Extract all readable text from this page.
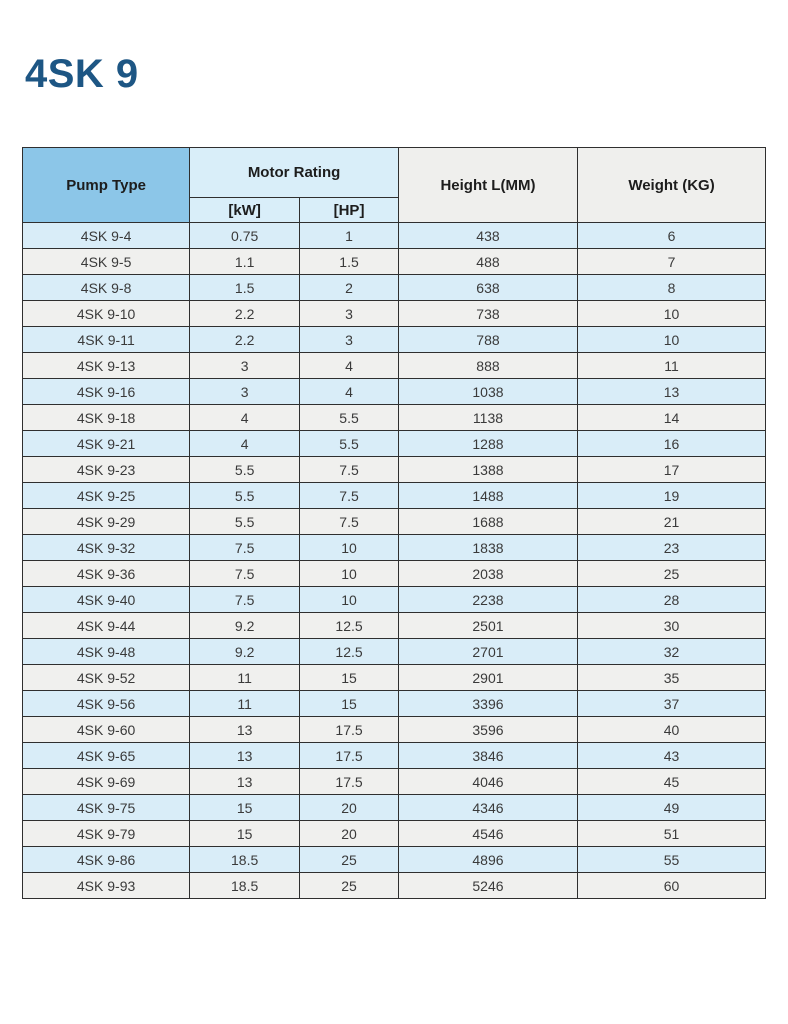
4SK 9
Pump Type	Motor Rating		Height L(MM)	Weight (KG)
	[kW]	[HP]		
4SK 9-4	0.75	1	438	6
4SK 9-5	1.1	1.5	488	7
4SK 9-8	1.5	2	638	8
4SK 9-10	2.2	3	738	10
4SK 9-11	2.2	3	788	10
4SK 9-13	3	4	888	11
4SK 9-16	3	4	1038	13
4SK 9-18	4	5.5	1138	14
4SK 9-21	4	5.5	1288	16
4SK 9-23	5.5	7.5	1388	17
4SK 9-25	5.5	7.5	1488	19
4SK 9-29	5.5	7.5	1688	21
4SK 9-32	7.5	10	1838	23
4SK 9-36	7.5	10	2038	25
4SK 9-40	7.5	10	2238	28
4SK 9-44	9.2	12.5	2501	30
4SK 9-48	9.2	12.5	2701	32
4SK 9-52	11	15	2901	35
4SK 9-56	11	15	3396	37
4SK 9-60	13	17.5	3596	40
4SK 9-65	13	17.5	3846	43
4SK 9-69	13	17.5	4046	45
4SK 9-75	15	20	4346	49
4SK 9-79	15	20	4546	51
4SK 9-86	18.5	25	4896	55
4SK 9-93	18.5	25	5246	60
